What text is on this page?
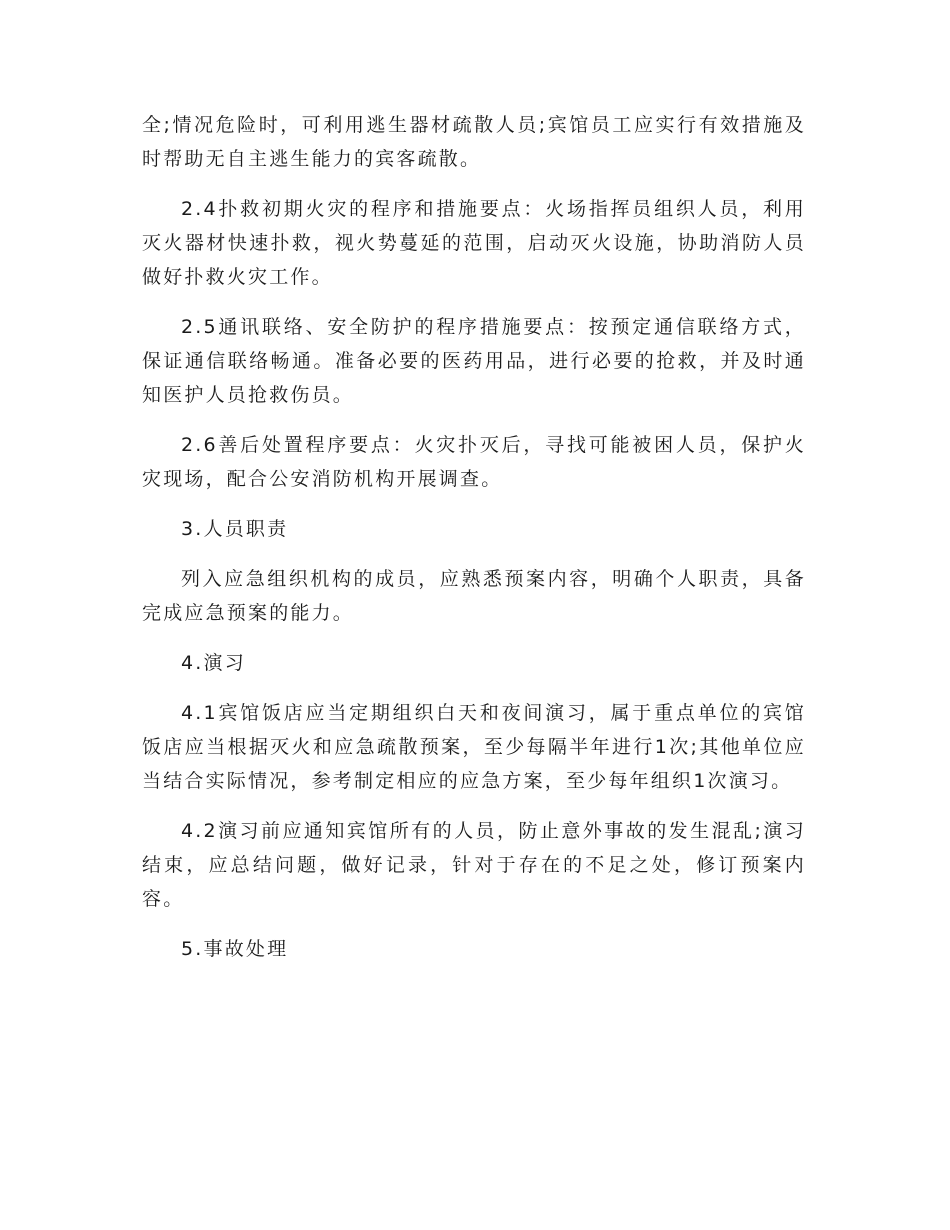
全;情况危险时，可利用逃生器材疏散人员;宾馆员工应实行有效措施及时帮助无自主逃生能力的宾客疏散。

2.4扑救初期火灾的程序和措施要点：火场指挥员组织人员，利用灭火器材快速扑救，视火势蔓延的范围，启动灭火设施，协助消防人员做好扑救火灾工作。

2.5通讯联络、安全防护的程序措施要点：按预定通信联络方式，保证通信联络畅通。准备必要的医药用品，进行必要的抢救，并及时通知医护人员抢救伤员。

2.6善后处置程序要点：火灾扑灭后，寻找可能被困人员，保护火灾现场，配合公安消防机构开展调查。

3.人员职责

列入应急组织机构的成员，应熟悉预案内容，明确个人职责，具备完成应急预案的能力。

4.演习

4.1宾馆饭店应当定期组织白天和夜间演习，属于重点单位的宾馆饭店应当根据灭火和应急疏散预案，至少每隔半年进行1次;其他单位应当结合实际情况，参考制定相应的应急方案，至少每年组织1次演习。

4.2演习前应通知宾馆所有的人员，防止意外事故的发生混乱;演习结束，应总结问题，做好记录，针对于存在的不足之处，修订预案内容。

5.事故处理
